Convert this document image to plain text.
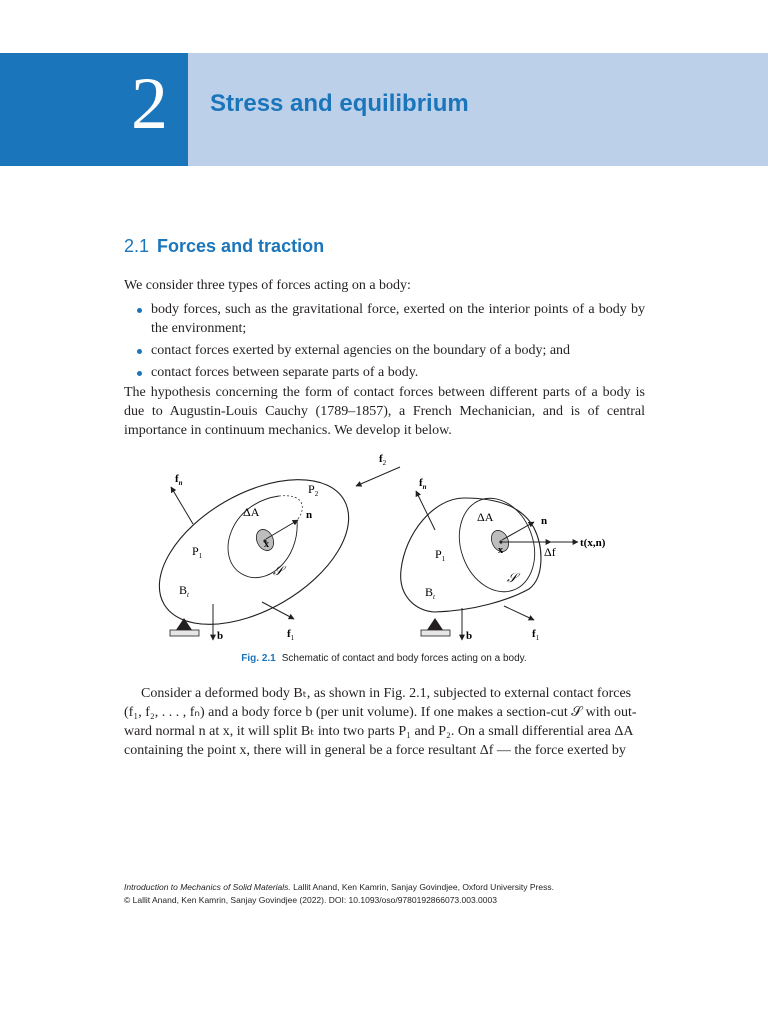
2 Stress and equilibrium
2.1 Forces and traction
We consider three types of forces acting on a body:
body forces, such as the gravitational force, exerted on the interior points of a body by the environment;
contact forces exerted by external agencies on the boundary of a body; and
contact forces between separate parts of a body.
The hypothesis concerning the form of contact forces between different parts of a body is due to Augustin-Louis Cauchy (1789–1857), a French Mechanician, and is of central importance in continuum mechanics. We develop it below.
$f_n$
$f_2$
$P_2$
ΔA	n
x
$P_1$
𝒮
$B_t$
b	$f_1$
$f_n$
ΔA	n
t(x,n)
x	Δf
$P_1$
𝒮
$B_t$
b	$f_1$
Fig. 2.1 Schematic of contact and body forces acting on a body.
Consider a deformed body Bₜ, as shown in Fig. 2.1, subjected to external contact forces
(f₁, f₂, . . . , fₙ) and a body force b (per unit volume). If one makes a section-cut 𝒮 with out-
ward normal n at x, it will split Bₜ into two parts P₁ and P₂. On a small differential area ΔA
containing the point x, there will in general be a force resultant Δf — the force exerted by
Introduction to Mechanics of Solid Materials. Lallit Anand, Ken Kamrin, Sanjay Govindjee, Oxford University Press.
© Lallit Anand, Ken Kamrin, Sanjay Govindjee (2022). DOI: 10.1093/oso/9780192866073.003.0003
